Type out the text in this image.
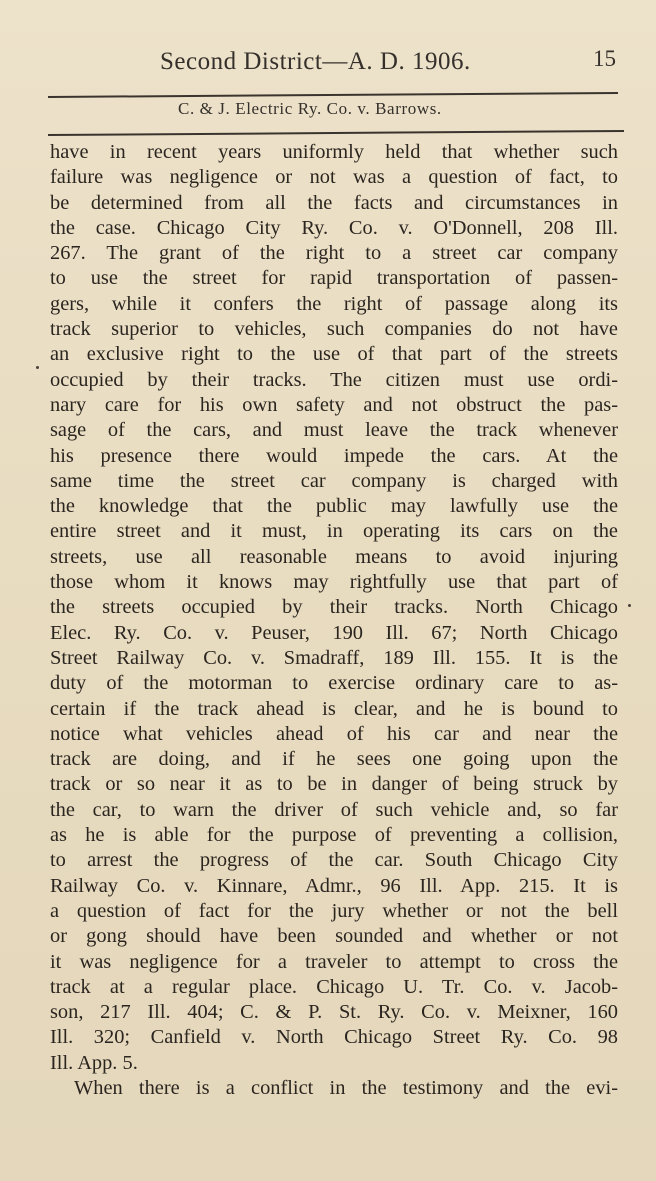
Second District—A. D. 1906.	15
C. & J. Electric Ry. Co. v. Barrows.
have in recent years uniformly held that whether such
failure was negligence or not was a question of fact, to
be determined from all the facts and circumstances in
the case. Chicago City Ry. Co. v. O'Donnell, 208 Ill.
267. The grant of the right to a street car company
to use the street for rapid transportation of passen-
gers, while it confers the right of passage along its
track superior to vehicles, such companies do not have
an exclusive right to the use of that part of the streets
occupied by their tracks. The citizen must use ordi-
nary care for his own safety and not obstruct the pas-
sage of the cars, and must leave the track whenever
his presence there would impede the cars. At the
same time the street car company is charged with
the knowledge that the public may lawfully use the
entire street and it must, in operating its cars on the
streets, use all reasonable means to avoid injuring
those whom it knows may rightfully use that part of
the streets occupied by their tracks. North Chicago
Elec. Ry. Co. v. Peuser, 190 Ill. 67; North Chicago
Street Railway Co. v. Smadraff, 189 Ill. 155. It is the
duty of the motorman to exercise ordinary care to as-
certain if the track ahead is clear, and he is bound to
notice what vehicles ahead of his car and near the
track are doing, and if he sees one going upon the
track or so near it as to be in danger of being struck by
the car, to warn the driver of such vehicle and, so far
as he is able for the purpose of preventing a collision,
to arrest the progress of the car. South Chicago City
Railway Co. v. Kinnare, Admr., 96 Ill. App. 215. It is
a question of fact for the jury whether or not the bell
or gong should have been sounded and whether or not
it was negligence for a traveler to attempt to cross the
track at a regular place. Chicago U. Tr. Co. v. Jacob-
son, 217 Ill. 404; C. & P. St. Ry. Co. v. Meixner, 160
Ill. 320; Canfield v. North Chicago Street Ry. Co. 98
Ill. App. 5.
When there is a conflict in the testimony and the evi-
